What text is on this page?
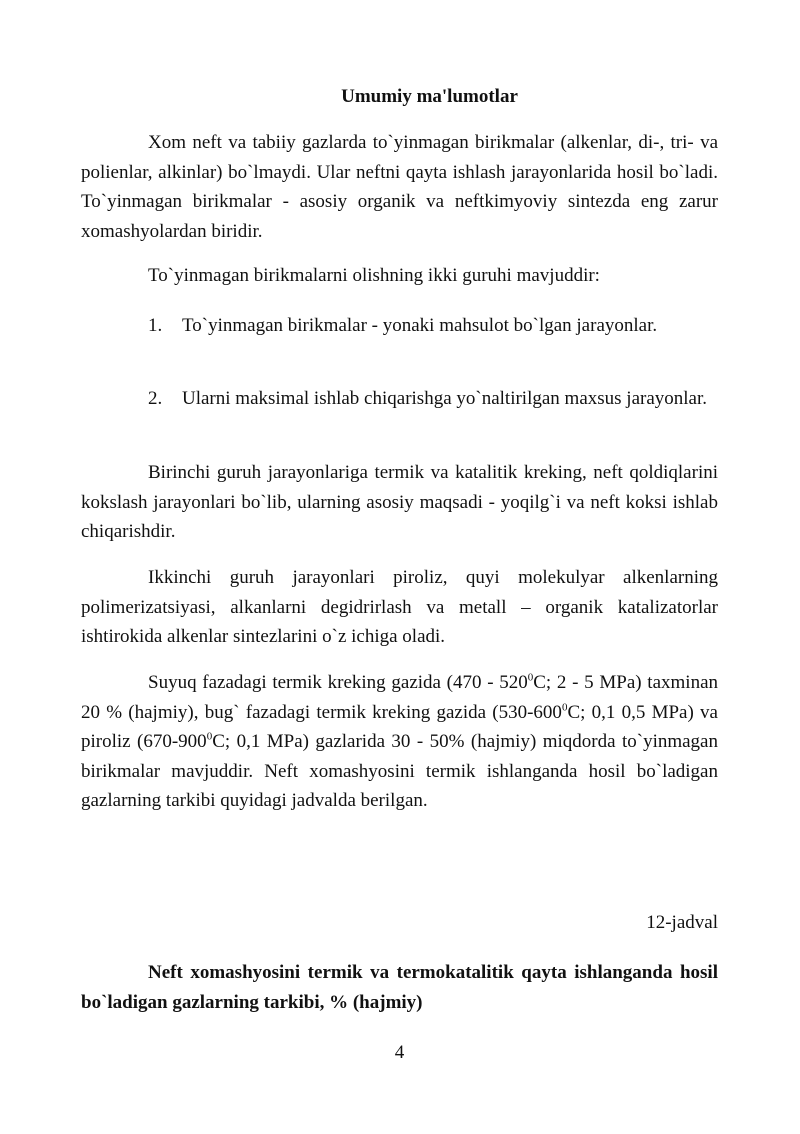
Umumiy ma'lumotlar

Xom neft va tabiiy gazlarda to`yinmagan birikmalar (alkenlar, di-, tri- va polienlar, alkinlar) bo`lmaydi. Ular neftni qayta ishlash jarayonlarida hosil bo`ladi. To`yinmagan birikmalar - asosiy organik va neftkimyoviy sintezda eng zarur xomashyolardan biridir.

To`yinmagan birikmalarni olishning ikki guruhi mavjuddir:

1. To`yinmagan birikmalar - yonaki mahsulot bo`lgan jarayonlar.
2. Ularni maksimal ishlab chiqarishga yo`naltirilgan maxsus jarayonlar.

Birinchi guruh jarayonlariga termik va katalitik kreking, neft qoldiqlarini kokslash jarayonlari bo`lib, ularning asosiy maqsadi - yoqilg`i va neft koksi ishlab chiqarishdir.

Ikkinchi guruh jarayonlari piroliz, quyi molekulyar alkenlarning polimerizatsiyasi, alkanlarni degidrirlash va metall – organik katalizatorlar ishtirokida alkenlar sintezlarini o`z ichiga oladi.

Suyuq fazadagi termik kreking gazida ($470 - 520^0C$; 2 - 5 MPa) taxminan 20 % (hajmiy), bug` fazadagi termik kreking gazida ($530-600^0C$; 0,1 0,5 MPa) va piroliz ($670-900^0C$; 0,1 MPa) gazlarida 30 - 50% (hajmiy) miqdorda to`yinmagan birikmalar mavjuddir. Neft xomashyosini termik ishlanganda hosil bo`ladigan gazlarning tarkibi quyidagi jadvalda berilgan.

12-jadval

Neft xomashyosini termik va termokatalitik qayta ishlanganda hosil bo`ladigan gazlarning tarkibi, % (hajmiy)

4
